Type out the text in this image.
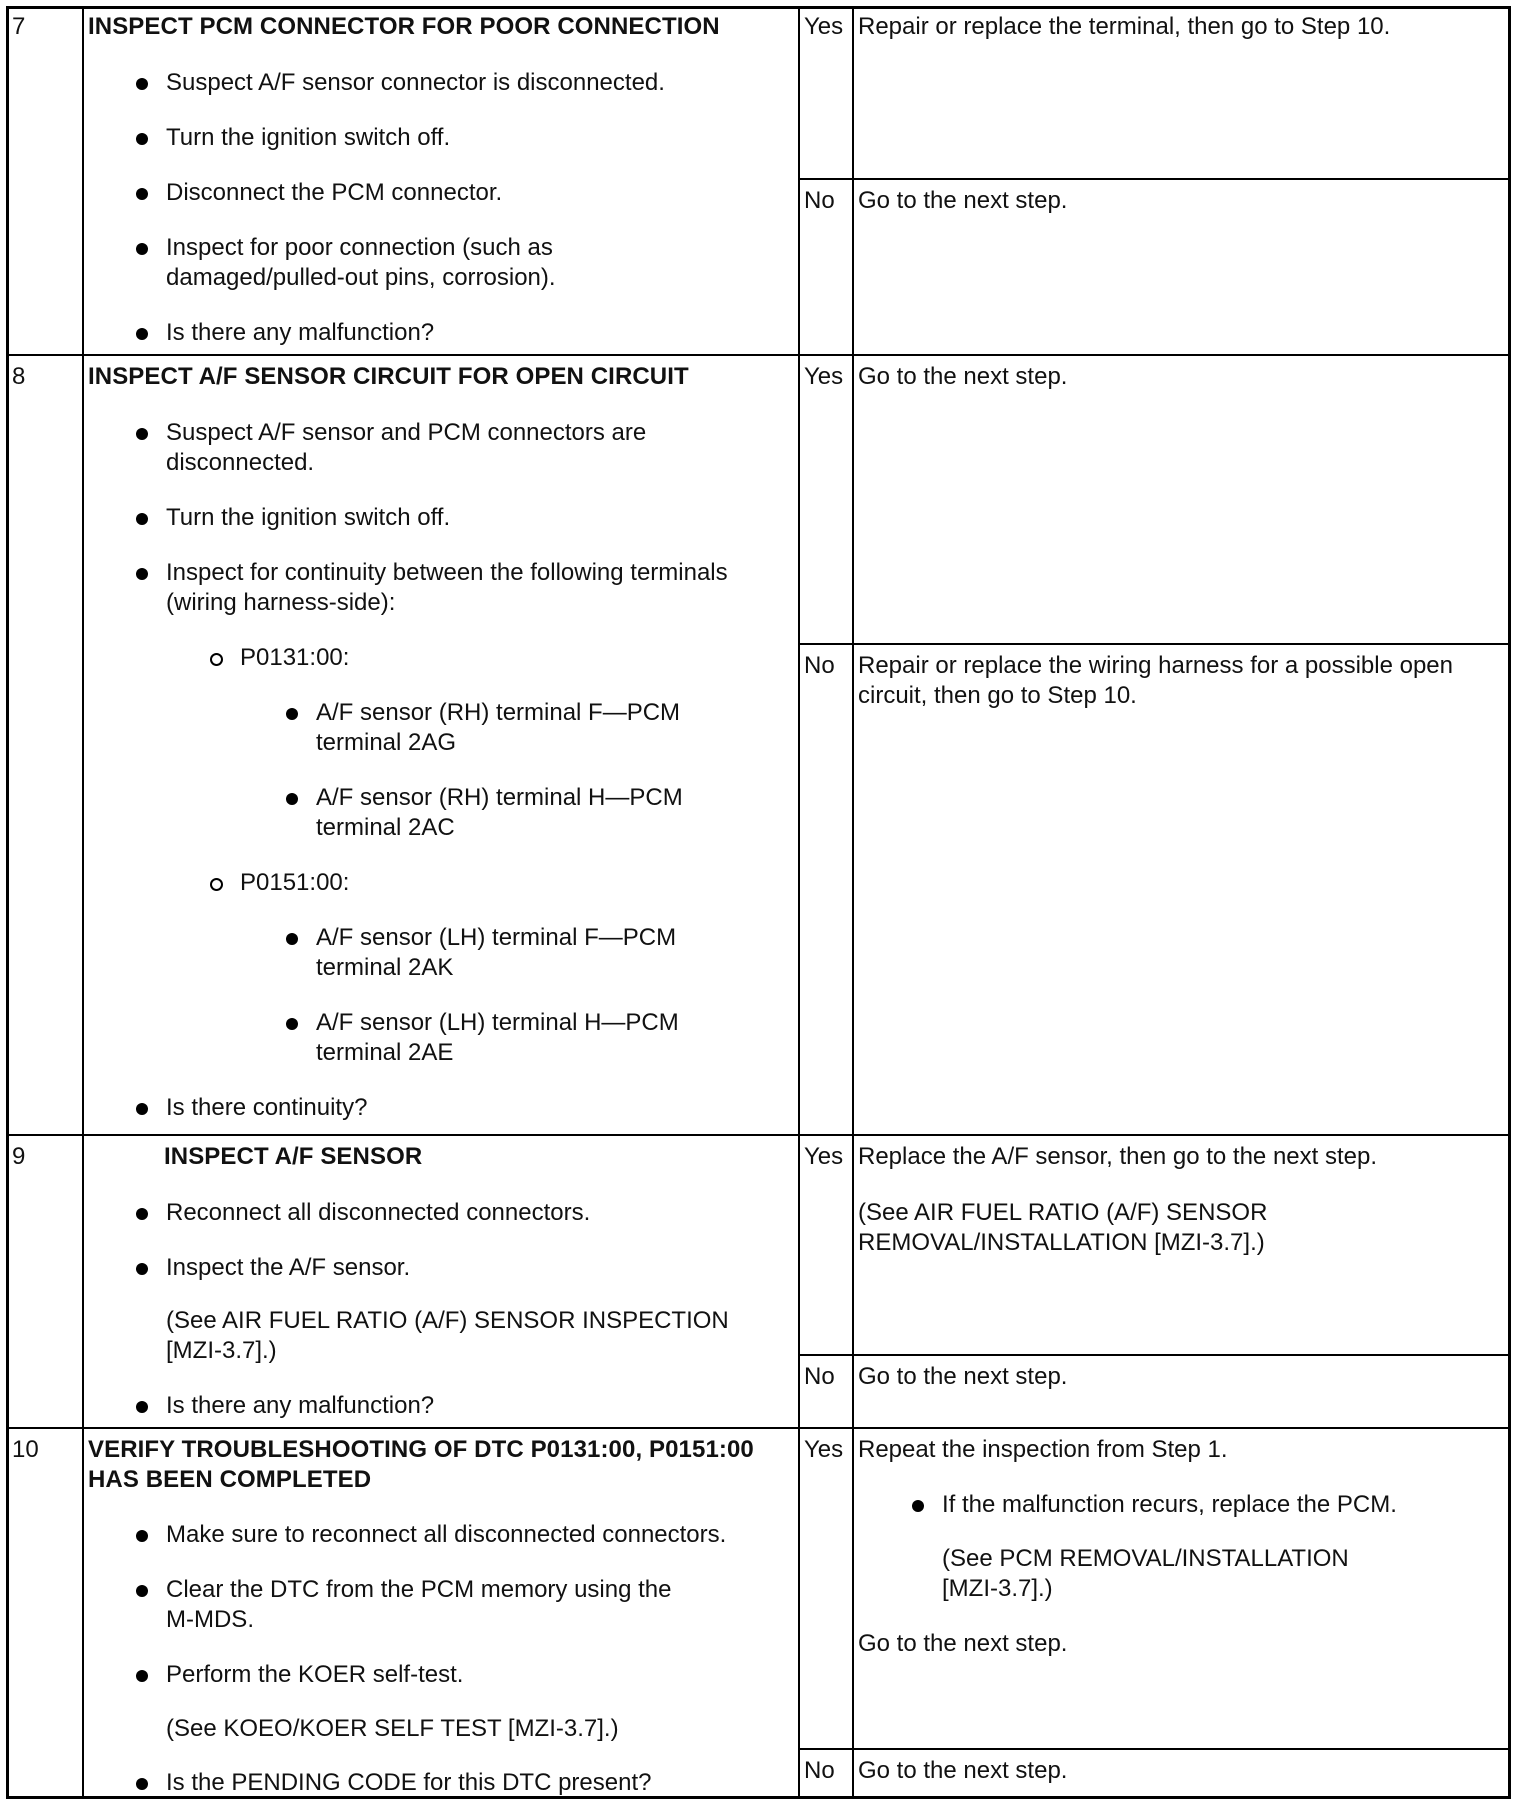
7	INSPECT PCM CONNECTOR FOR POOR CONNECTION
Suspect A/F sensor connector is disconnected.
Turn the ignition switch off.
Disconnect the PCM connector.
Inspect for poor connection (such as
damaged/pulled-out pins, corrosion).
Is there any malfunction?
Yes Repair or replace the terminal, then go to Step 10.
No Go to the next step.
8	INSPECT A/F SENSOR CIRCUIT FOR OPEN CIRCUIT
Suspect A/F sensor and PCM connectors are
disconnected.
Turn the ignition switch off.
Inspect for continuity between the following terminals
(wiring harness-side):
P0131:00:
A/F sensor (RH) terminal F—PCM
terminal 2AG
A/F sensor (RH) terminal H—PCM
terminal 2AC
P0151:00:
A/F sensor (LH) terminal F—PCM
terminal 2AK
A/F sensor (LH) terminal H—PCM
terminal 2AE
Is there continuity?
Yes Go to the next step.
No Repair or replace the wiring harness for a possible open
circuit, then go to Step 10.
9	INSPECT A/F SENSOR
Reconnect all disconnected connectors.
Inspect the A/F sensor.
(See AIR FUEL RATIO (A/F) SENSOR INSPECTION
[MZI-3.7].)
Is there any malfunction?
Yes Replace the A/F sensor, then go to the next step.
(See AIR FUEL RATIO (A/F) SENSOR
REMOVAL/INSTALLATION [MZI-3.7].)
No Go to the next step.
10 VERIFY TROUBLESHOOTING OF DTC P0131:00, P0151:00
HAS BEEN COMPLETED
Make sure to reconnect all disconnected connectors.
Clear the DTC from the PCM memory using the
M-MDS.
Perform the KOER self-test.
(See KOEO/KOER SELF TEST [MZI-3.7].)
Is the PENDING CODE for this DTC present?
Yes Repeat the inspection from Step 1.
If the malfunction recurs, replace the PCM.
(See PCM REMOVAL/INSTALLATION
[MZI-3.7].)
Go to the next step.
No Go to the next step.
